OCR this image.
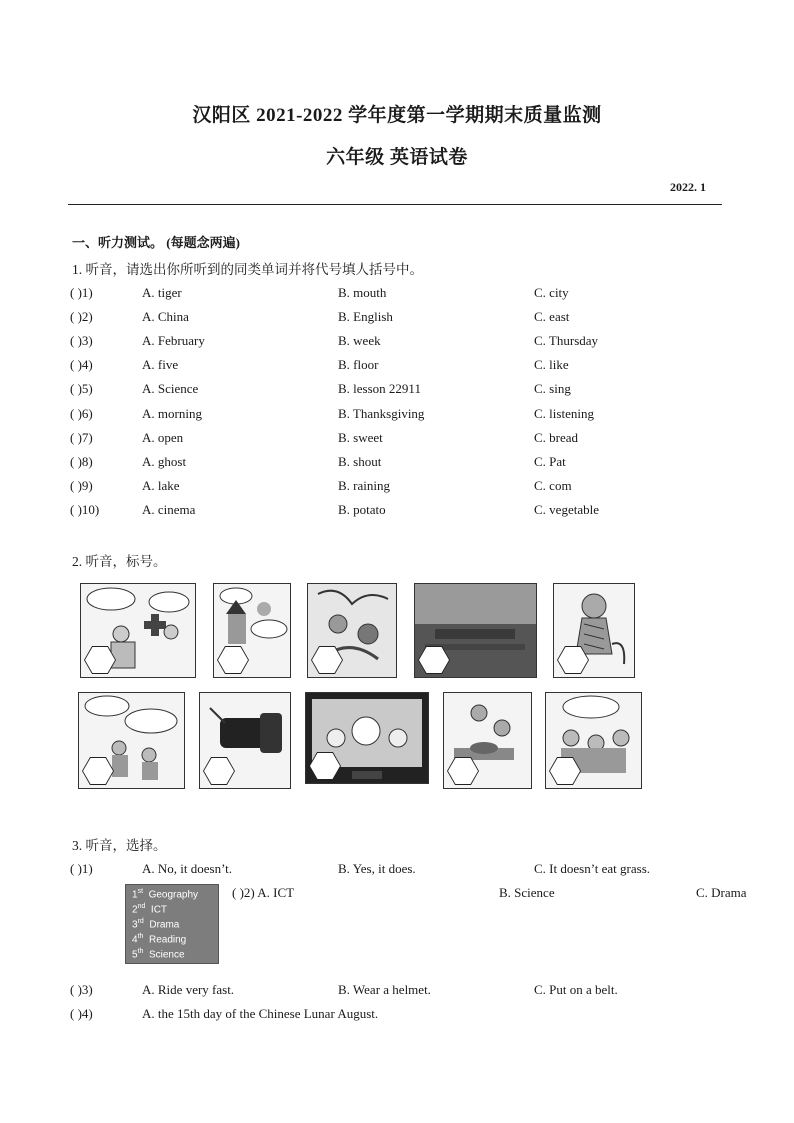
汉阳区 2021-2022 学年度第一学期期末质量监测
六年级 英语试卷
2022. 1
一、听力测试。 (每题念两遍)
1. 听音，请选出你所听到的同类单词并将代号填人括号中。
( )1)	A. tiger	B. mouth	C. city
( )2)	A. China	B. English	C. east
( )3)	A. February	B. week	C. Thursday
( )4)	A. five	B. floor	C. like
( )5)	A. Science	B. lesson 22911	C. sing
( )6)	A. morning	B. Thanksgiving	C. listening
( )7)	A. open	B. sweet	C. bread
( )8)	A. ghost	B. shout	C. Pat
( )9)	A. lake	B. raining	C. com
( )10)	A. cinema	B. potato	C. vegetable
2. 听音，标号。
3. 听音，选择。
( )1)	A. No, it doesn’t.	B. Yes, it does.	C. It doesn’t eat grass.
1st Geography
2nd ICT
3rd Drama
4th Reading
5th Science
( )2) A. ICT	B. Science	C. Drama
( )3)	A. Ride very fast.	B. Wear a helmet.	C. Put on a belt.
( )4)	A. the 15th day of the Chinese Lunar August.
